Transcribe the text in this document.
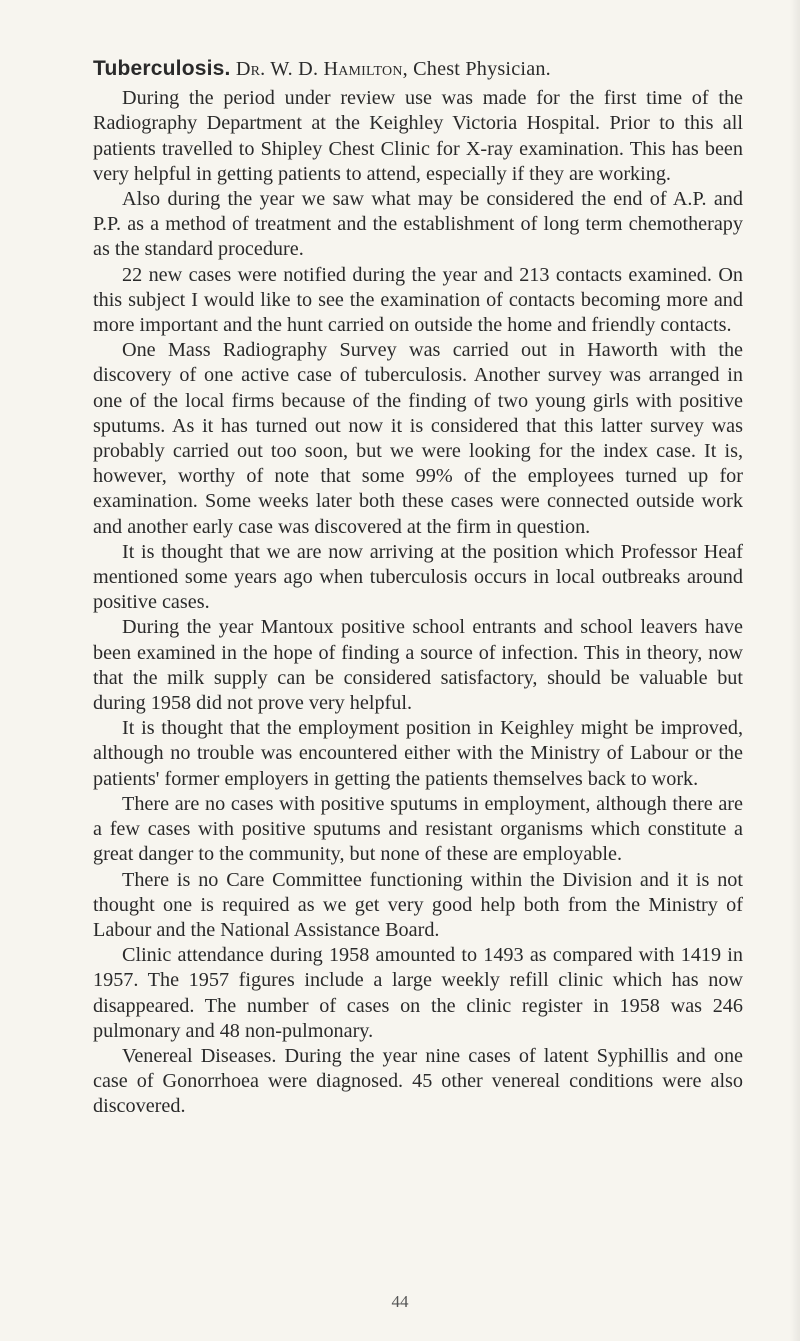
Tuberculosis. Dr. W. D. Hamilton, Chest Physician.

During the period under review use was made for the first time of the Radiography Department at the Keighley Victoria Hospital. Prior to this all patients travelled to Shipley Chest Clinic for X-ray examination. This has been very helpful in getting patients to attend, especially if they are working.

Also during the year we saw what may be considered the end of A.P. and P.P. as a method of treatment and the establishment of long term chemotherapy as the standard procedure.

22 new cases were notified during the year and 213 contacts examined. On this subject I would like to see the examination of contacts becoming more and more important and the hunt carried on outside the home and friendly contacts.

One Mass Radiography Survey was carried out in Haworth with the discovery of one active case of tuberculosis. Another survey was arranged in one of the local firms because of the finding of two young girls with positive sputums. As it has turned out now it is considered that this latter survey was probably carried out too soon, but we were looking for the index case. It is, however, worthy of note that some 99% of the employees turned up for examination. Some weeks later both these cases were connected outside work and another early case was discovered at the firm in question.

It is thought that we are now arriving at the position which Professor Heaf mentioned some years ago when tuberculosis occurs in local outbreaks around positive cases.

During the year Mantoux positive school entrants and school leavers have been examined in the hope of finding a source of infection. This in theory, now that the milk supply can be considered satisfactory, should be valuable but during 1958 did not prove very helpful.

It is thought that the employment position in Keighley might be improved, although no trouble was encountered either with the Ministry of Labour or the patients' former employers in getting the patients themselves back to work.

There are no cases with positive sputums in employment, although there are a few cases with positive sputums and resistant organisms which constitute a great danger to the community, but none of these are employable.

There is no Care Committee functioning within the Division and it is not thought one is required as we get very good help both from the Ministry of Labour and the National Assistance Board.

Clinic attendance during 1958 amounted to 1493 as compared with 1419 in 1957. The 1957 figures include a large weekly refill clinic which has now disappeared. The number of cases on the clinic register in 1958 was 246 pulmonary and 48 non-pulmonary.

Venereal Diseases. During the year nine cases of latent Syphillis and one case of Gonorrhoea were diagnosed. 45 other venereal conditions were also discovered.

44
